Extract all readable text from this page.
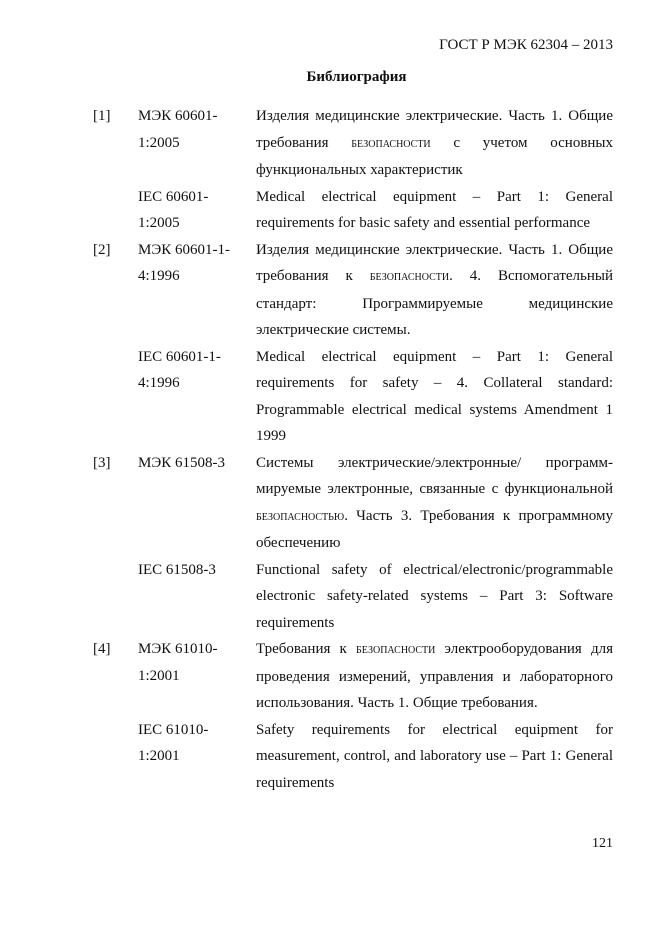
ГОСТ Р МЭК 62304 – 2013
Библиография
[1] МЭК 60601-1:2005
Изделия медицинские электрические. Часть 1. Общие требования безопасности с учетом основных функциональных характеристик
IEC 60601-1:2005
Medical electrical equipment – Part 1: General requirements for basic safety and essential performance
[2] МЭК 60601-1-4:1996
Изделия медицинские электрические. Часть 1. Общие требования к безопасности. 4. Вспомогательный стандарт: Программируемые медицинские электрические системы.
IEC 60601-1-4:1996
Medical electrical equipment – Part 1: General requirements for safety – 4. Collateral standard: Programmable electrical medical systems Amendment 1 1999
[3] МЭК 61508-3	Системы электрические/электронные/ программ-мируемые электронные, связанные с функциональной безопасностью. Часть 3. Требования к программному обеспечению
IEC 61508-3	Functional safety of electrical/electronic/programmable electronic safety-related systems – Part 3: Software requirements
[4] МЭК 61010-1:2001
Требования к безопасности электрооборудования для проведения измерений, управления и лабораторного использования. Часть 1. Общие требования.
IEC 61010-1:2001
Safety requirements for electrical equipment for measurement, control, and laboratory use – Part 1: General requirements
121
